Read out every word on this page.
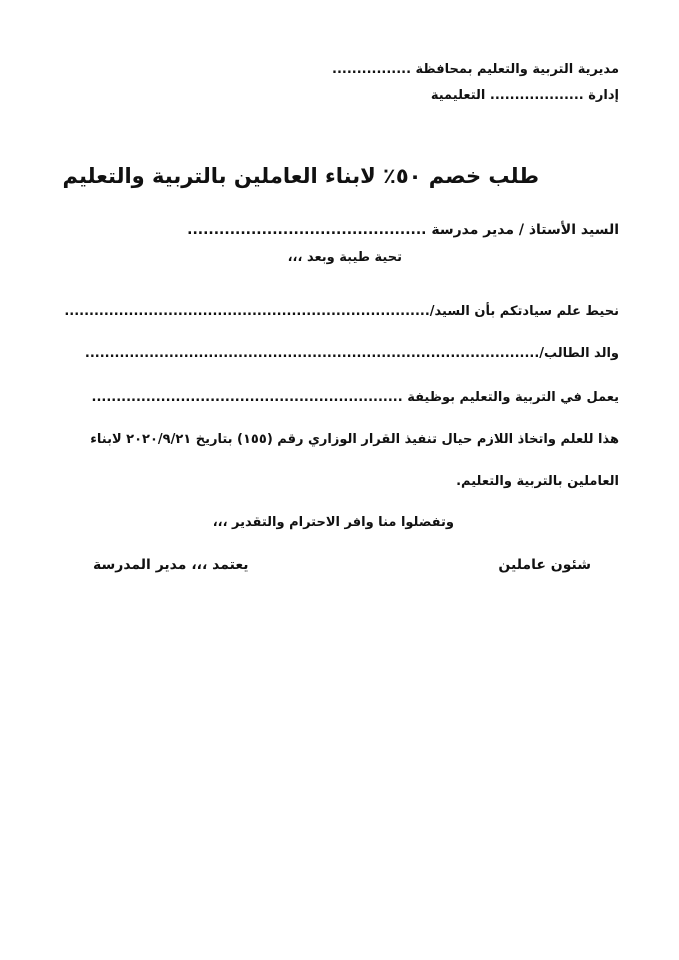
مديرية التربية والتعليم بمحافظة ................
إدارة ................... التعليمية
طلب خصم ٥٠٪ لابناء العاملين بالتربية والتعليم
السيد الأستاذ / مدير مدرسة .............................................
تحية طيبة وبعد ،،،
نحيط علم سيادتكم بأن السيد/..........................................................................
والد الطالب/............................................................................................
يعمل في التربية والتعليم بوظيفة ...............................................................
هذا للعلم واتخاذ اللازم حيال تنفيذ القرار الوزاري رقم (١٥٥) بتاريخ ٢٠٢٠/٩/٢١ لابناء
العاملين بالتربية والتعليم.
وتفضلوا منا وافر الاحترام والتقدير ،،،
شئون عاملين
يعتمد ،،، مدير المدرسة
